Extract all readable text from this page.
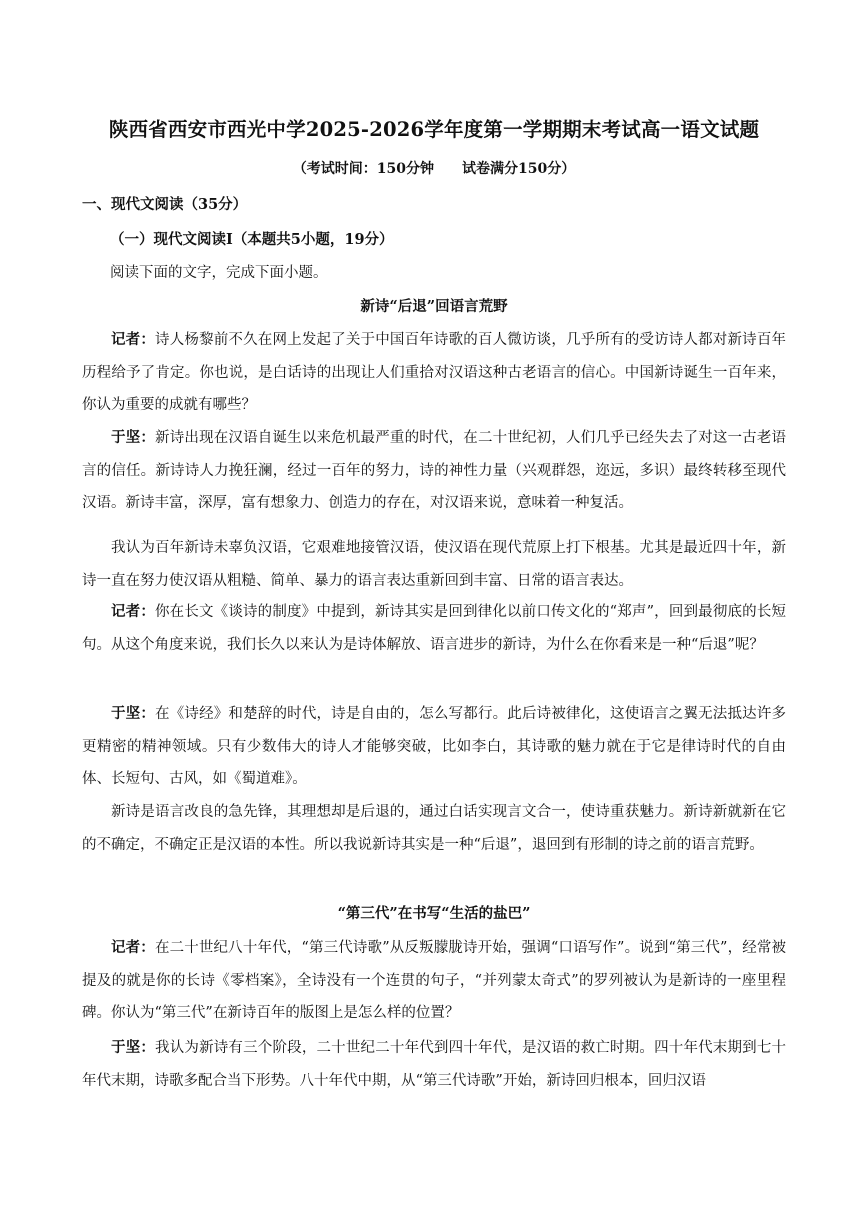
陕西省西安市西光中学2025-2026学年度第一学期期末考试高一语文试题
（考试时间：150分钟　　试卷满分150分）
一、现代文阅读（35分）
（一）现代文阅读Ⅰ（本题共5小题，19分）
阅读下面的文字，完成下面小题。
新诗“后退”回语言荒野
记者：诗人杨黎前不久在网上发起了关于中国百年诗歌的百人微访谈，几乎所有的受访诗人都对新诗百年历程给予了肯定。你也说，是白话诗的出现让人们重拾对汉语这种古老语言的信心。中国新诗诞生一百年来，你认为重要的成就有哪些？
于坚：新诗出现在汉语自诞生以来危机最严重的时代，在二十世纪初，人们几乎已经失去了对这一古老语言的信任。新诗诗人力挽狂澜，经过一百年的努力，诗的神性力量（兴观群怨，迩远，多识）最终转移至现代汉语。新诗丰富，深厚，富有想象力、创造力的存在，对汉语来说，意味着一种复活。
我认为百年新诗未辜负汉语，它艰难地接管汉语，使汉语在现代荒原上打下根基。尤其是最近四十年，新诗一直在努力使汉语从粗糙、简单、暴力的语言表达重新回到丰富、日常的语言表达。
记者：你在长文《谈诗的制度》中提到，新诗其实是回到律化以前口传文化的“郑声”，回到最彻底的长短句。从这个角度来说，我们长久以来认为是诗体解放、语言进步的新诗，为什么在你看来是一种“后退”呢？
于坚：在《诗经》和楚辞的时代，诗是自由的，怎么写都行。此后诗被律化，这使语言之翼无法抵达许多更精密的精神领域。只有少数伟大的诗人才能够突破，比如李白，其诗歌的魅力就在于它是律诗时代的自由体、长短句、古风，如《蜀道难》。
新诗是语言改良的急先锋，其理想却是后退的，通过白话实现言文合一，使诗重获魅力。新诗新就新在它的不确定，不确定正是汉语的本性。所以我说新诗其实是一种“后退”，退回到有形制的诗之前的语言荒野。
“第三代”在书写“生活的盐巴”
记者：在二十世纪八十年代，“第三代诗歌”从反叛朦胧诗开始，强调“口语写作”。说到“第三代”，经常被提及的就是你的长诗《零档案》，全诗没有一个连贯的句子，“并列蒙太奇式”的罗列被认为是新诗的一座里程碑。你认为“第三代”在新诗百年的版图上是怎么样的位置？
于坚：我认为新诗有三个阶段，二十世纪二十年代到四十年代，是汉语的救亡时期。四十年代末期到七十年代末期，诗歌多配合当下形势。八十年代中期，从“第三代诗歌”开始，新诗回归根本，回归汉语
